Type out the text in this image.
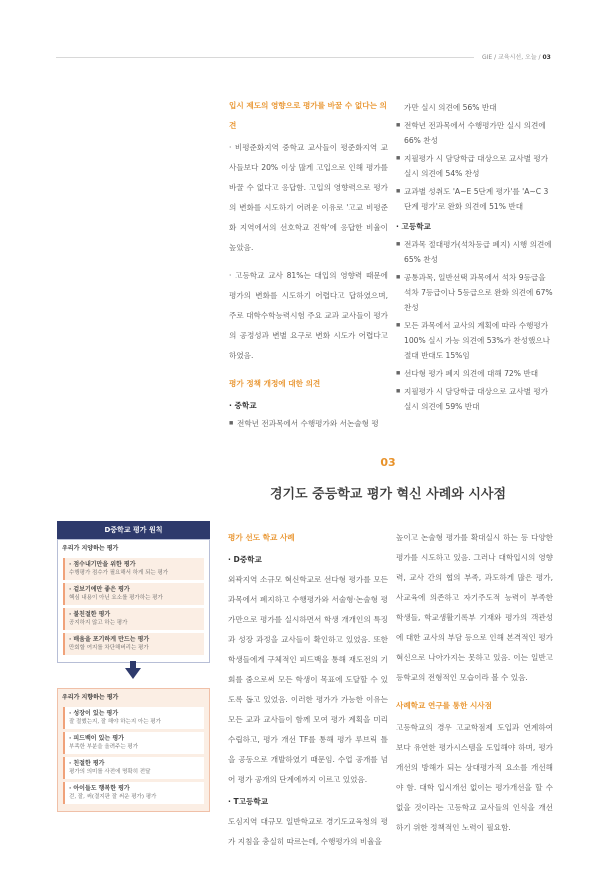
GIE / 교육시선, 오늘 / 03
입시 제도의 영향으로 평가를 바꿀 수 없다는 의견
· 비평준화지역 중학교 교사들이 평준화지역 교사들보다 20% 이상 많게 고입으로 인해 평가를 바꿀 수 없다고 응답함. 고입의 영향력으로 평가의 변화를 시도하기 어려운 이유로 '고교 비평준화 지역에서의 선호학교 진학'에 응답한 비율이 높았음.
· 고등학교 교사 81%는 대입의 영향력 때문에 평가의 변화를 시도하기 어렵다고 답하였으며, 주로 대학수학능력시험 주요 교과 교사들이 평가의 공정성과 변별 요구로 변화 시도가 어렵다고 하였음.
평가 정책 개정에 대한 의견
· 중학교
■ 전학년 전과목에서 수행평가와 서논술형 평
가만 실시 의견에 56% 반대
■ 전학년 전과목에서 수행평가만 실시 의견에 66% 찬성
■ 지필평가 시 담당학급 대상으로 교사별 평가 실시 의견에 54% 찬성
■ 교과별 성취도 'A~E 5단계 평가'를 'A~C 3단계 평가'로 완화 의견에 51% 반대
· 고등학교
■ 전과목 절대평가(석차등급 폐지) 시행 의견에 65% 찬성
■ 공통과목, 일반선택 과목에서 석차 9등급을 석차 7등급이나 5등급으로 완화 의견에 67% 찬성
■ 모든 과목에서 교사의 계획에 따라 수행평가 100% 실시 가능 의견에 53%가 찬성했으나 절대 반대도 15%임
■ 선다형 평가 폐지 의견에 대해 72% 반대
■ 지필평가 시 담당학급 대상으로 교사별 평가 실시 의견에 59% 반대
03
경기도 중등학교 평가 혁신 사례와 시사점
D중학교 평가 원칙
우리가 지양하는 평가
· 점수내기만을 위한 평가
수행평가 점수가 필요해서 하게 되는 평가
· 겉보기에만 좋은 평가
핵심 내용이 아닌 요소를 평가하는 평가
· 불친절한 평가
공지하지 않고 하는 평가
· 배움을 포기하게 만드는 평가
만회할 여지를 차단해버리는 평가
우리가 지향하는 평가
· 성장이 있는 평가
잘 절했는지, 잘 해야 하는지 아는 평가
· 피드백이 있는 평가
부족한 부분을 올려주는 평가
· 친절한 평가
평가의 의미를 사전에 명확히 전달
· 아이들도 행복한 평가
걷, 잘, 써(결지판 잘 써운 평가) 평가
평가 선도 학교 사례
· D중학교
외곽지역 소규모 혁신학교로 선다형 평가를 모든 과목에서 폐지하고 수행평가와 서술형·논술형 평가만으로 평가를 실시하면서 학생 개개인의 특징과 성장 과정을 교사들이 확인하고 있었음. 또한 학생들에게 구체적인 피드백을 통해 재도전의 기회를 줌으로써 모든 학생이 목표에 도달할 수 있도록 돕고 있었음. 이러한 평가가 가능한 이유는 모든 교과 교사들이 함께 모여 평가 계획을 미리 수립하고, 평가 개선 TF를 통해 평가 루브릭 틀을 공동으로 개발하였기 때문임. 수업 공개를 넘어 평가 공개의 단계에까지 이르고 있었음.
· T고등학교
도심지역 대규모 일반학교로 경기도교육청의 평가 지침을 충실히 따르는데, 수행평가의 비율을
높이고 논술형 평가를 확대실시 하는 등 다양한 평가를 시도하고 있음. 그러나 대학입시의 영향력, 교사 간의 협의 부족, 과도하게 많은 평가, 사교육에 의존하고 자기주도적 능력이 부족한 학생들, 학교생활기록부 기재와 평가의 객관성에 대한 교사의 부담 등으로 인해 본격적인 평가 혁신으로 나아가지는 못하고 있음. 이는 일반고등학교의 전형적인 모습이라 볼 수 있음.
사례학교 연구를 통한 시사점
고등학교의 경우 고교학점제 도입과 연계하여 보다 유연한 평가시스템을 도입해야 하며, 평가 개선의 방해가 되는 상대평가적 요소를 개선해야 함. 대학 입시개선 없이는 평가개선을 할 수 없을 것이라는 고등학교 교사들의 인식을 개선하기 위한 정책적인 노력이 필요함.
